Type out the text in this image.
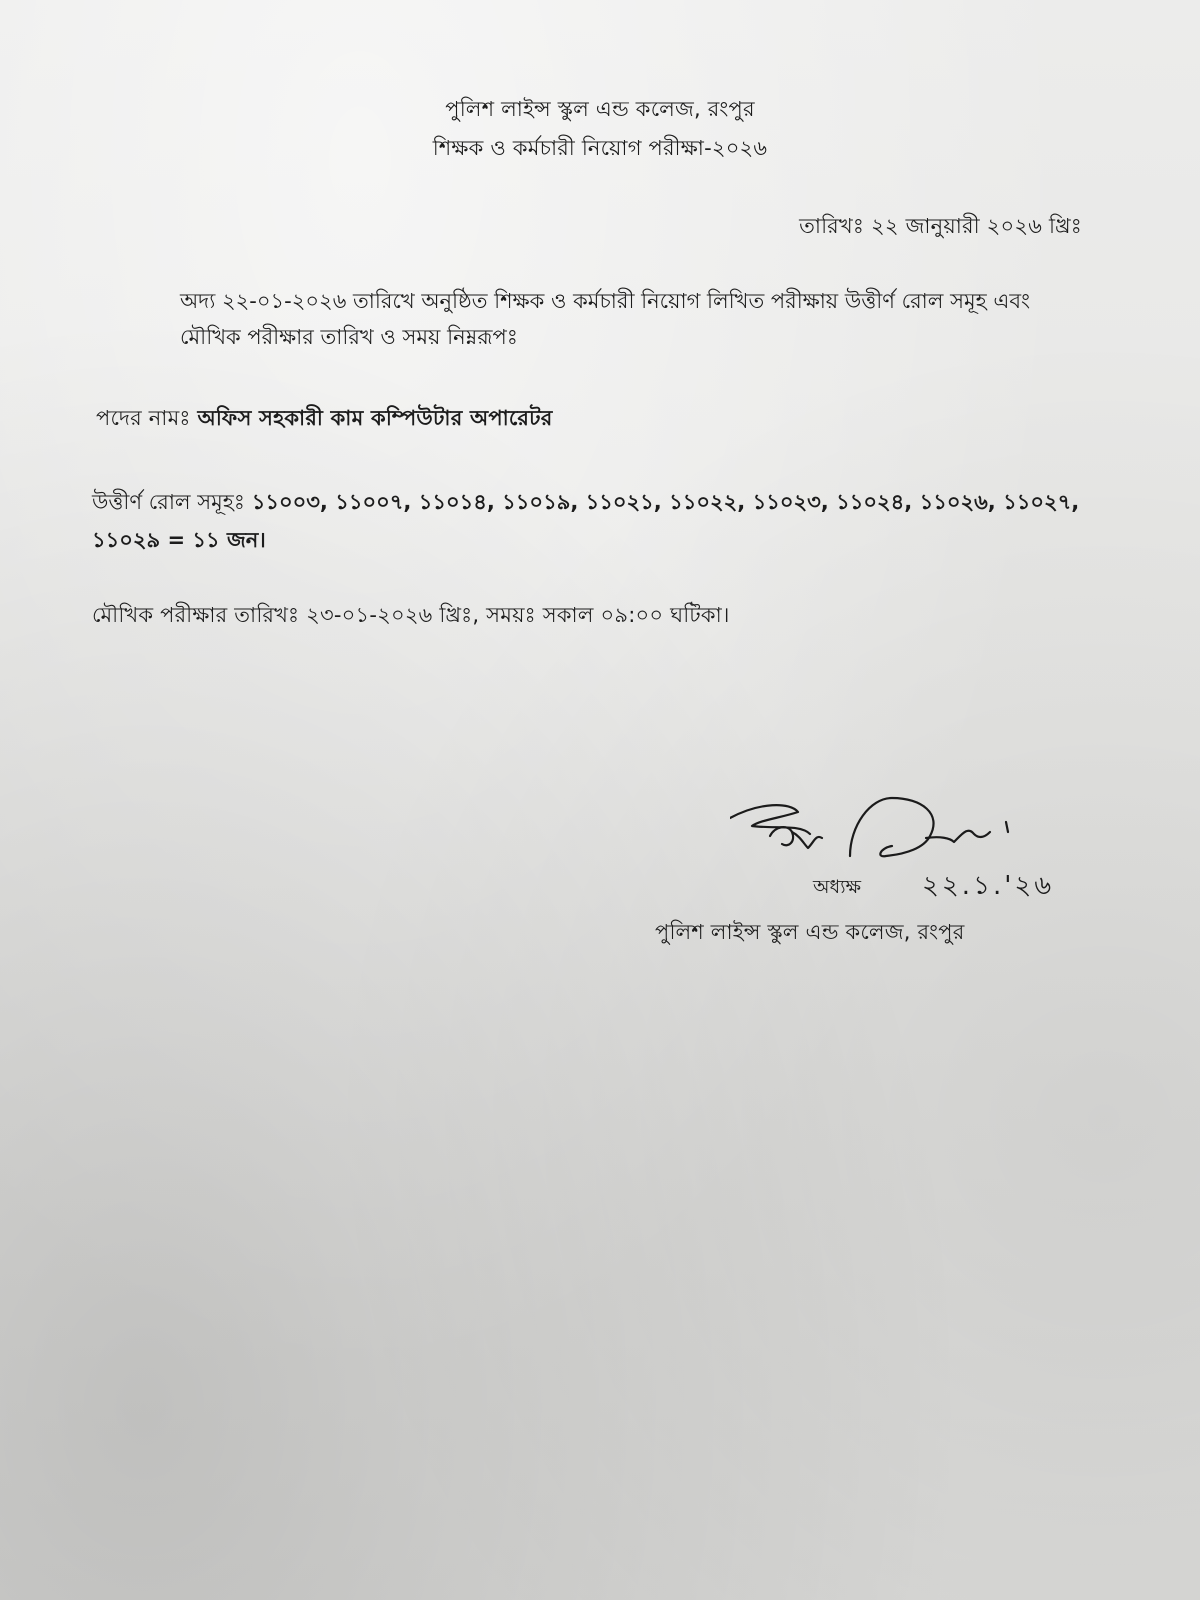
পুলিশ লাইন্স স্কুল এন্ড কলেজ, রংপুর
শিক্ষক ও কর্মচারী নিয়োগ পরীক্ষা-২০২৬
তারিখঃ ২২ জানুয়ারী ২০২৬ খ্রিঃ
অদ্য ২২-০১-২০২৬ তারিখে অনুষ্ঠিত শিক্ষক ও কর্মচারী নিয়োগ লিখিত পরীক্ষায় উত্তীর্ণ রোল সমূহ এবং মৌখিক পরীক্ষার তারিখ ও সময় নিম্নরূপঃ
পদের নামঃ অফিস সহকারী কাম কম্পিউটার অপারেটর
উত্তীর্ণ রোল সমূহঃ ১১০০৩, ১১০০৭, ১১০১৪, ১১০১৯, ১১০২১, ১১০২২, ১১০২৩, ১১০২৪, ১১০২৬, ১১০২৭, ১১০২৯ = ১১ জন।
মৌখিক পরীক্ষার তারিখঃ ২৩-০১-২০২৬ খ্রিঃ, সময়ঃ সকাল ০৯:০০ ঘটিকা।
২২.১.'২৬
অধ্যক্ষ
পুলিশ লাইন্স স্কুল এন্ড কলেজ, রংপুর
